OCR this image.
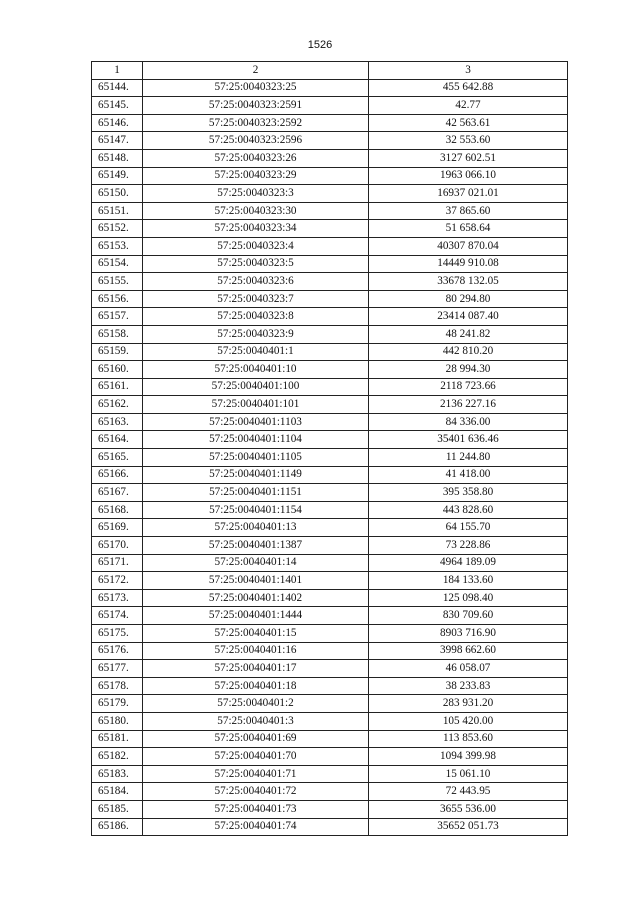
1526
1	2	3
65144.	57:25:0040323:25	455 642.88
65145.	57:25:0040323:2591	42.77
65146.	57:25:0040323:2592	42 563.61
65147.	57:25:0040323:2596	32 553.60
65148.	57:25:0040323:26	3127 602.51
65149.	57:25:0040323:29	1963 066.10
65150.	57:25:0040323:3	16937 021.01
65151.	57:25:0040323:30	37 865.60
65152.	57:25:0040323:34	51 658.64
65153.	57:25:0040323:4	40307 870.04
65154.	57:25:0040323:5	14449 910.08
65155.	57:25:0040323:6	33678 132.05
65156.	57:25:0040323:7	80 294.80
65157.	57:25:0040323:8	23414 087.40
65158.	57:25:0040323:9	48 241.82
65159.	57:25:0040401:1	442 810.20
65160.	57:25:0040401:10	28 994.30
65161.	57:25:0040401:100	2118 723.66
65162.	57:25:0040401:101	2136 227.16
65163.	57:25:0040401:1103	84 336.00
65164.	57:25:0040401:1104	35401 636.46
65165.	57:25:0040401:1105	11 244.80
65166.	57:25:0040401:1149	41 418.00
65167.	57:25:0040401:1151	395 358.80
65168.	57:25:0040401:1154	443 828.60
65169.	57:25:0040401:13	64 155.70
65170.	57:25:0040401:1387	73 228.86
65171.	57:25:0040401:14	4964 189.09
65172.	57:25:0040401:1401	184 133.60
65173.	57:25:0040401:1402	125 098.40
65174.	57:25:0040401:1444	830 709.60
65175.	57:25:0040401:15	8903 716.90
65176.	57:25:0040401:16	3998 662.60
65177.	57:25:0040401:17	46 058.07
65178.	57:25:0040401:18	38 233.83
65179.	57:25:0040401:2	283 931.20
65180.	57:25:0040401:3	105 420.00
65181.	57:25:0040401:69	113 853.60
65182.	57:25:0040401:70	1094 399.98
65183.	57:25:0040401:71	15 061.10
65184.	57:25:0040401:72	72 443.95
65185.	57:25:0040401:73	3655 536.00
65186.	57:25:0040401:74	35652 051.73
